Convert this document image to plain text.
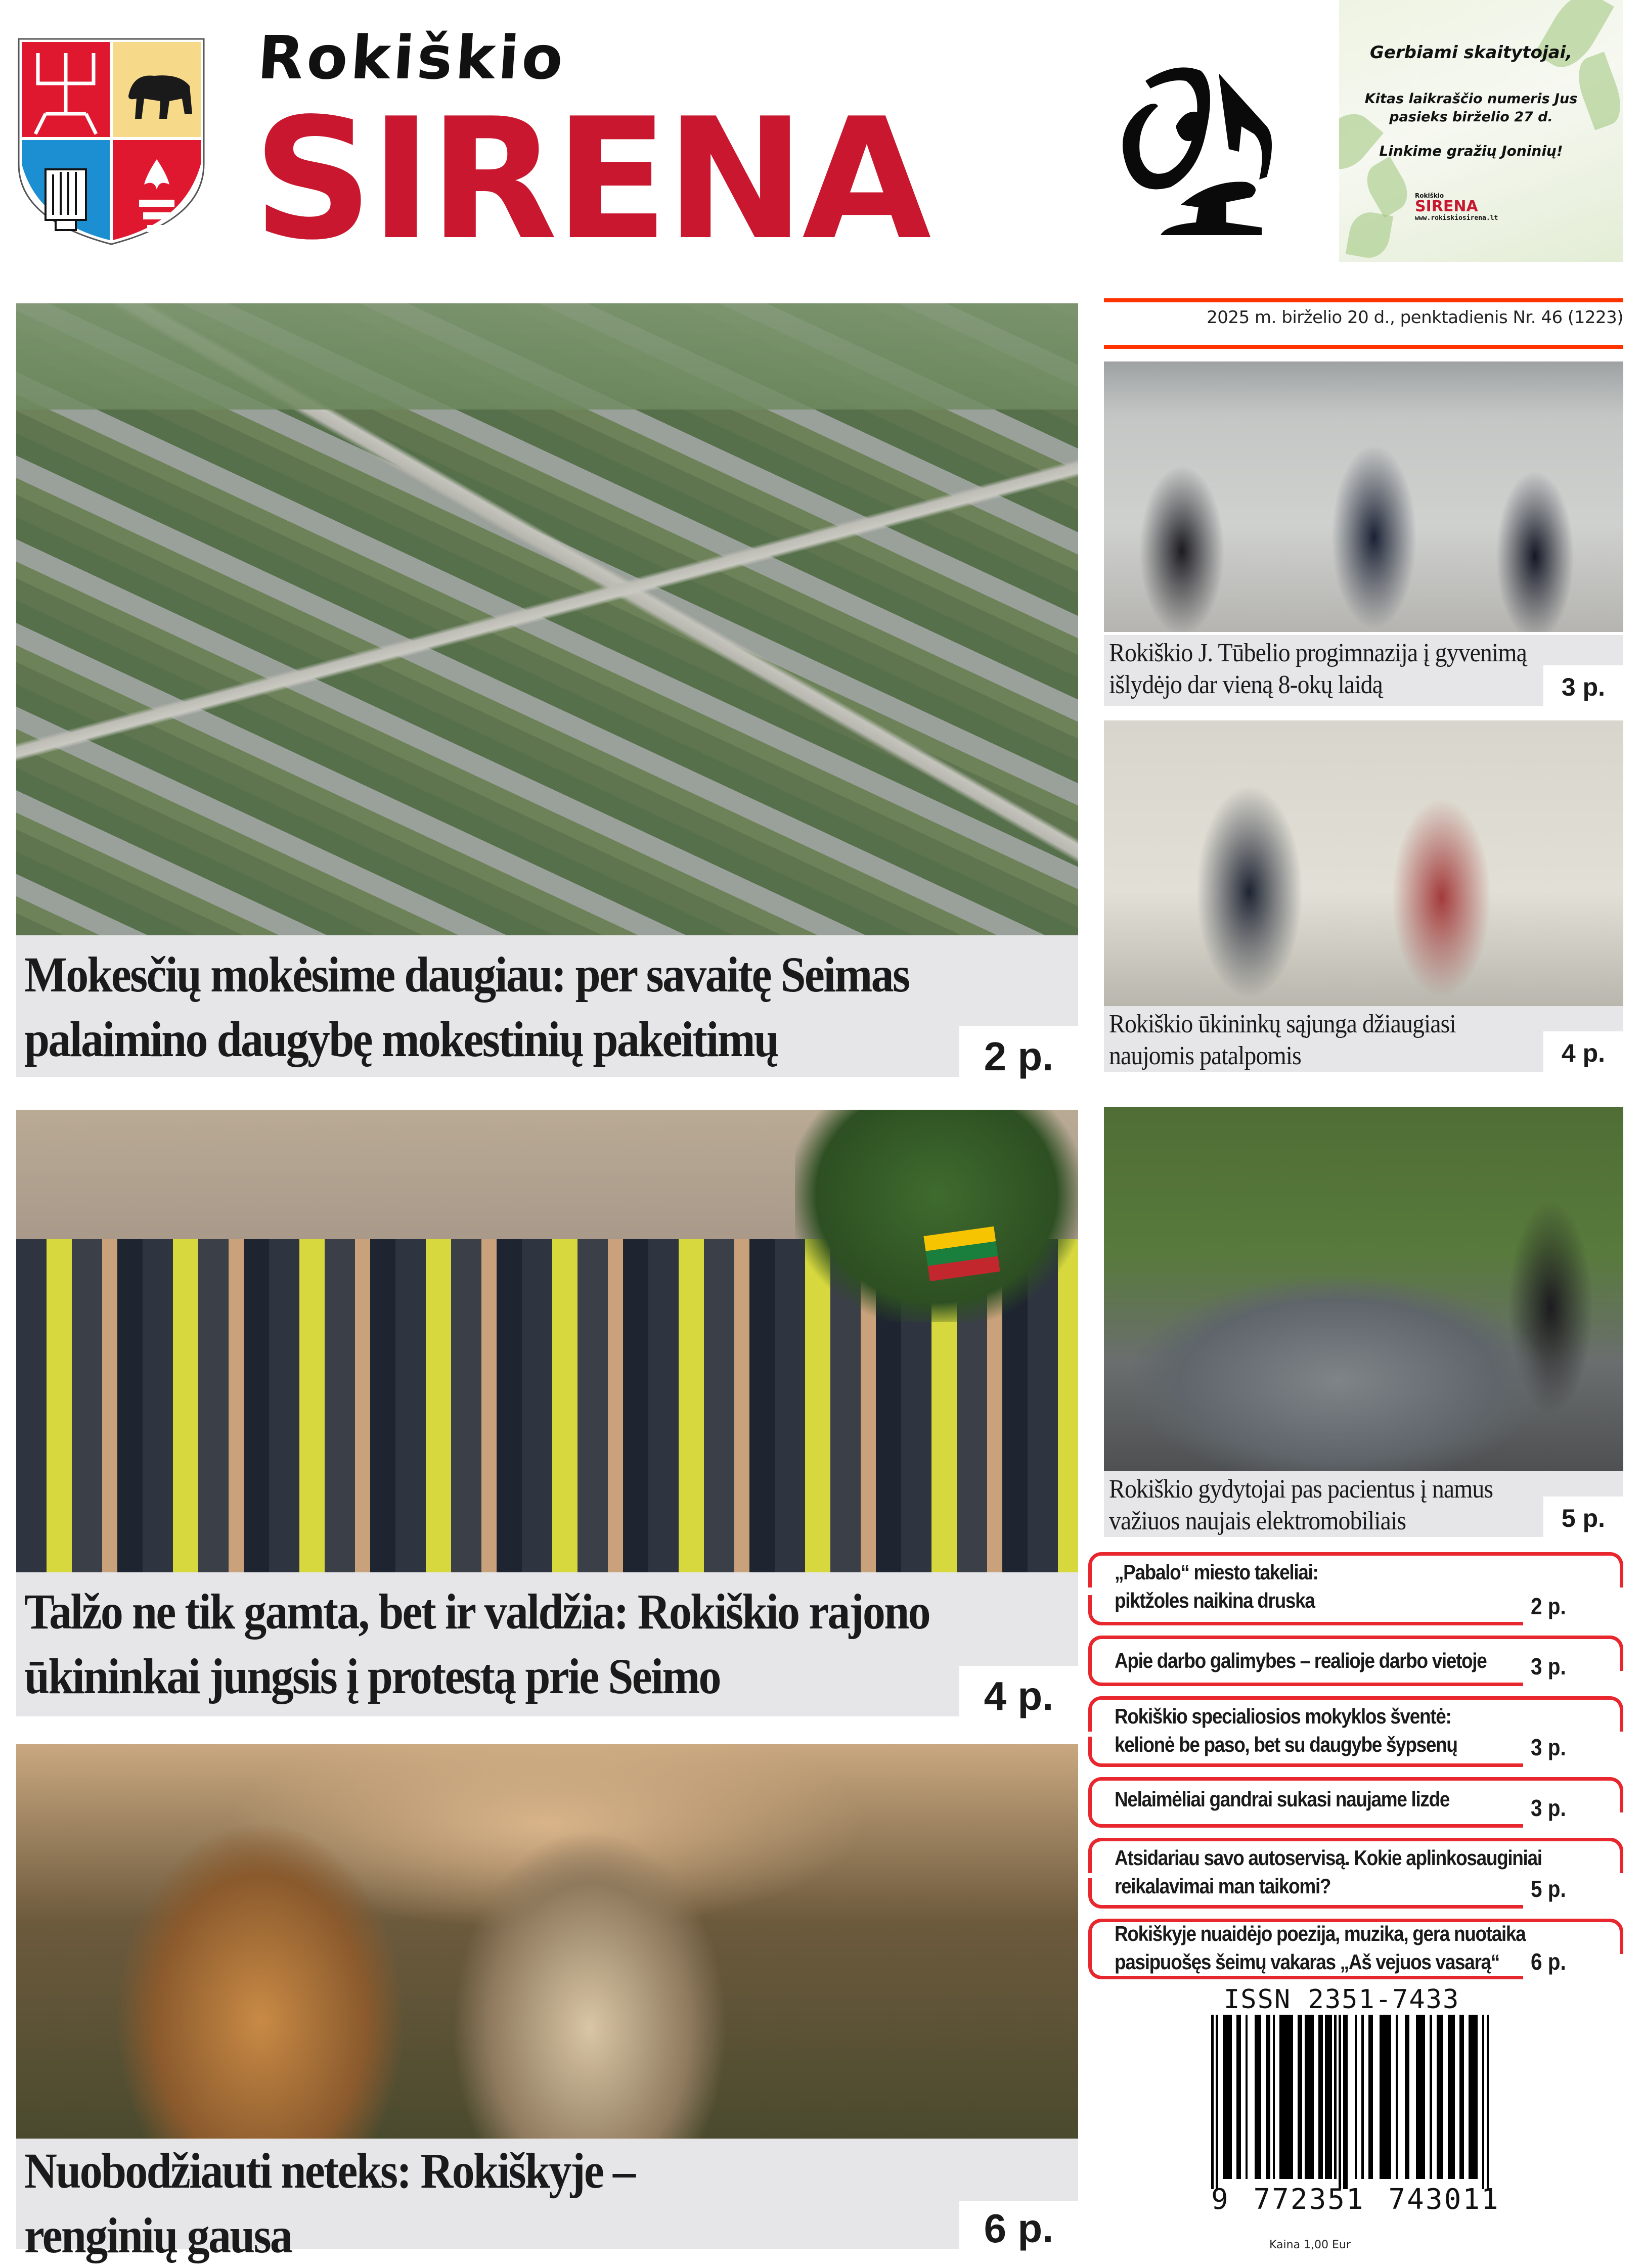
Rokiškio
SIRENA
Gerbiami skaitytojai,
Kitas laikraščio numeris Jus
pasieks birželio 27 d.
Linkime gražių Joninių!
Rokiškio
SIRENA
www.rokiskiosirena.lt
2025 m. birželio 20 d., penktadienis Nr. 46 (1223)
Mokesčių mokėsime daugiau: per savaitę Seimas
palaimino daugybę mokestinių pakeitimų	2 p.
Talžo ne tik gamta, bet ir valdžia: Rokiškio rajono
ūkininkai jungsis į protestą prie Seimo	4 p.
Nuobodžiauti neteks: Rokiškyje –
renginių gausa	6 p.
Rokiškio J. Tūbelio progimnazija į gyvenimą
išlydėjo dar vieną 8-okų laidą	3 p.
Rokiškio ūkininkų sąjunga džiaugiasi
naujomis patalpomis	4 p.
Rokiškio gydytojai pas pacientus į namus
važiuos naujais elektromobiliais	5 p.
„Pabalo“ miesto takeliai:
piktžoles naikina druska	2 p.
Apie darbo galimybes – realioje darbo vietoje 3 p.
Rokiškio specialiosios mokyklos šventė:
kelionė be paso, bet su daugybe šypsenų	3 p.
Nelaimėliai gandrai sukasi naujame lizde	3 p.
Atsidariau savo autoservisą. Kokie aplinkosauginiai
reikalavimai man taikomi?	5 p.
Rokiškyje nuaidėjo poezija, muzika, gera nuotaika
pasipuošęs šeimų vakaras „Aš vejuos vasarą“	6 p.
ISSN 2351-7433
9 772351 743011
Kaina 1,00 Eur
